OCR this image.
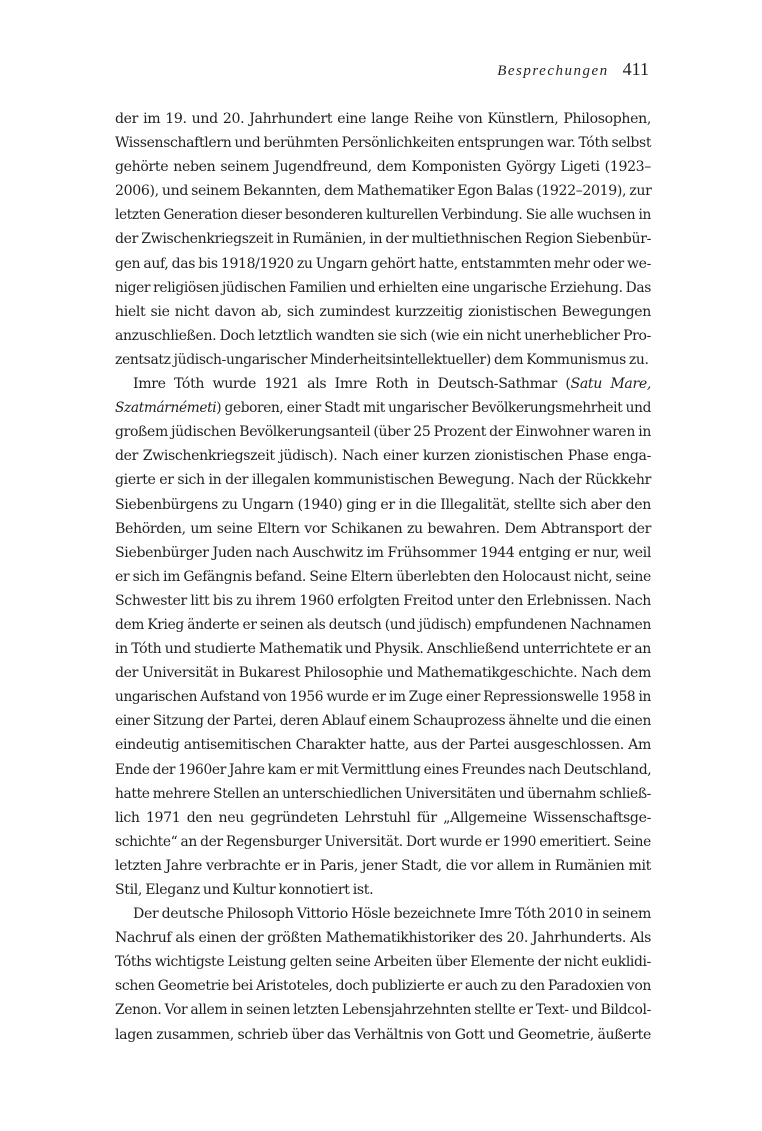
Besprechungen 411
der im 19. und 20. Jahrhundert eine lange Reihe von Künstlern, Philosophen,
Wissenschaftlern und berühmten Persönlichkeiten entsprungen war. Tóth selbst
gehörte neben seinem Jugendfreund, dem Komponisten György Ligeti (1923–
2006), und seinem Bekannten, dem Mathematiker Egon Balas (1922–2019), zur
letzten Generation dieser besonderen kulturellen Verbindung. Sie alle wuchsen in
der Zwischenkriegszeit in Rumänien, in der multiethnischen Region Siebenbür-
gen auf, das bis 1918/1920 zu Ungarn gehört hatte, entstammten mehr oder we-
niger religiösen jüdischen Familien und erhielten eine ungarische Erziehung. Das
hielt sie nicht davon ab, sich zumindest kurzzeitig zionistischen Bewegungen
anzuschließen. Doch letztlich wandten sie sich (wie ein nicht unerheblicher Pro-
zentsatz jüdisch-ungarischer Minderheitsintellektueller) dem Kommunismus zu.
Imre Tóth wurde 1921 als Imre Roth in Deutsch-Sathmar (Satu Mare,
Szatmárnémeti) geboren, einer Stadt mit ungarischer Bevölkerungsmehrheit und
großem jüdischen Bevölkerungsanteil (über 25 Prozent der Einwohner waren in
der Zwischenkriegszeit jüdisch). Nach einer kurzen zionistischen Phase enga-
gierte er sich in der illegalen kommunistischen Bewegung. Nach der Rückkehr
Siebenbürgens zu Ungarn (1940) ging er in die Illegalität, stellte sich aber den
Behörden, um seine Eltern vor Schikanen zu bewahren. Dem Abtransport der
Siebenbürger Juden nach Auschwitz im Frühsommer 1944 entging er nur, weil
er sich im Gefängnis befand. Seine Eltern überlebten den Holocaust nicht, seine
Schwester litt bis zu ihrem 1960 erfolgten Freitod unter den Erlebnissen. Nach
dem Krieg änderte er seinen als deutsch (und jüdisch) empfundenen Nachnamen
in Tóth und studierte Mathematik und Physik. Anschließend unterrichtete er an
der Universität in Bukarest Philosophie und Mathematikgeschichte. Nach dem
ungarischen Aufstand von 1956 wurde er im Zuge einer Repressionswelle 1958 in
einer Sitzung der Partei, deren Ablauf einem Schauprozess ähnelte und die einen
eindeutig antisemitischen Charakter hatte, aus der Partei ausgeschlossen. Am
Ende der 1960er Jahre kam er mit Vermittlung eines Freundes nach Deutschland,
hatte mehrere Stellen an unterschiedlichen Universitäten und übernahm schließ-
lich 1971 den neu gegründeten Lehrstuhl für „Allgemeine Wissenschaftsge-
schichte“ an der Regensburger Universität. Dort wurde er 1990 emeritiert. Seine
letzten Jahre verbrachte er in Paris, jener Stadt, die vor allem in Rumänien mit
Stil, Eleganz und Kultur konnotiert ist.
Der deutsche Philosoph Vittorio Hösle bezeichnete Imre Tóth 2010 in seinem
Nachruf als einen der größten Mathematikhistoriker des 20. Jahrhunderts. Als
Tóths wichtigste Leistung gelten seine Arbeiten über Elemente der nicht euklidi-
schen Geometrie bei Aristoteles, doch publizierte er auch zu den Paradoxien von
Zenon. Vor allem in seinen letzten Lebensjahrzehnten stellte er Text- und Bildcol-
lagen zusammen, schrieb über das Verhältnis von Gott und Geometrie, äußerte
